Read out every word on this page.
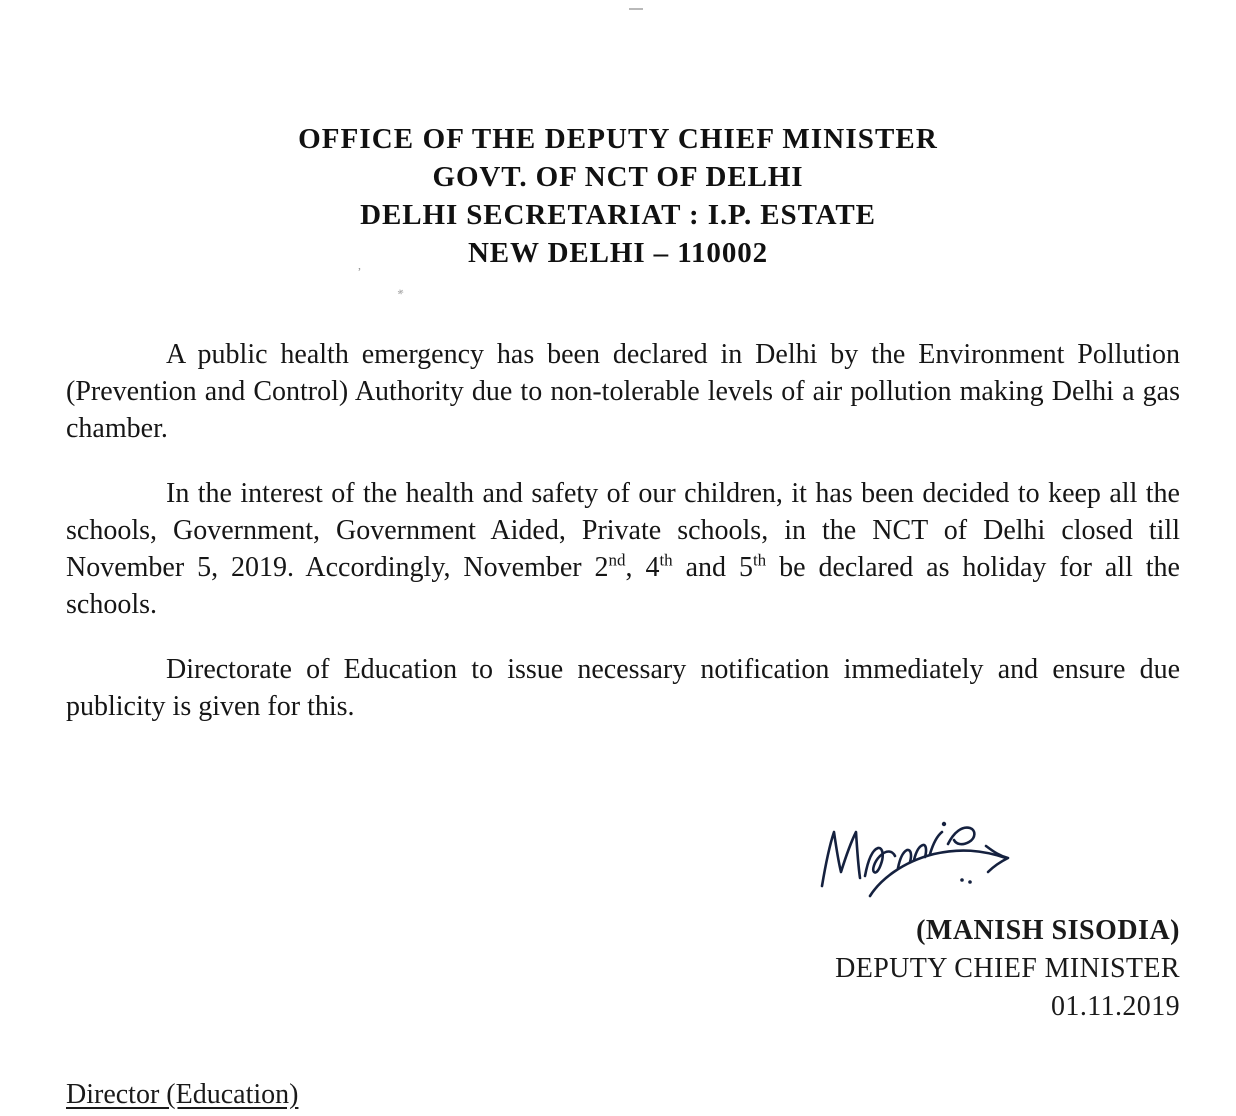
OFFICE OF THE DEPUTY CHIEF MINISTER
GOVT. OF NCT OF DELHI
DELHI SECRETARIAT : I.P. ESTATE
NEW DELHI – 110002
,
*

A public health emergency has been declared in Delhi by the Environment Pollution (Prevention and Control) Authority due to non-tolerable levels of air pollution making Delhi a gas chamber.

In the interest of the health and safety of our children, it has been decided to keep all the schools, Government, Government Aided, Private schools, in the NCT of Delhi closed till November 5, 2019. Accordingly, November 2nd, 4th and 5th be declared as holiday for all the schools.

Directorate of Education to issue necessary notification immediately and ensure due publicity is given for this.

(MANISH SISODIA)
DEPUTY CHIEF MINISTER
01.11.2019
Director (Education)
